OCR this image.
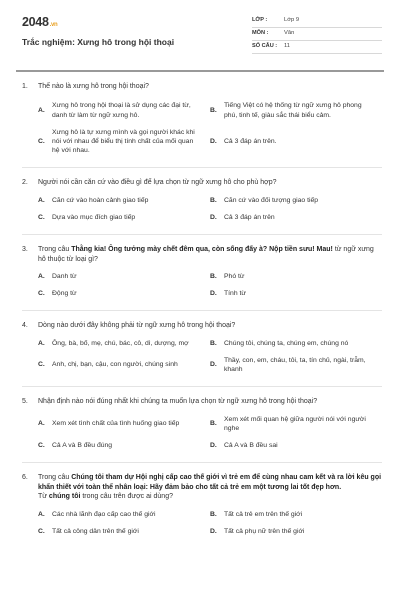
2048.vn
Trắc nghiệm: Xưng hô trong hội thoại
LỚP :	Lớp 9
MÔN :	Văn
SỐ CÂU :	11
1.	Thế nào là xưng hô trong hội thoại?
A.
Xưng hô trong hội thoại là sử dụng các đại từ, danh từ làm từ ngữ xưng hô.
B.
Tiếng Việt có hệ thống từ ngữ xưng hô phong phú, tinh tế, giàu sắc thái biểu cảm.
C.
Xưng hô là tự xưng mình và gọi người khác khi nói với nhau để biểu thị tính chất của mối quan hệ với nhau.
D.	Cả 3 đáp án trên.
2.	Người nói cần căn cứ vào điều gì để lựa chọn từ ngữ xưng hô cho phù hợp?
A.	Căn cứ vào hoàn cảnh giao tiếp	B.	Căn cứ vào đối tượng giao tiếp
C.	Dựa vào mục đích giao tiếp	D.	Cả 3 đáp án trên
3.	Trong câu Thằng kia! Ông tưởng mày chết đêm qua, còn sống đấy à? Nộp tiền sưu! Mau! từ ngữ xưng hô thuộc từ loại gì?
A.	Danh từ	B.	Phó từ
C.	Động từ	D.	Tính từ
4.	Dòng nào dưới đây không phải từ ngữ xưng hô trong hội thoại?
A.	Ông, bà, bố, mẹ, chú, bác, cô, dì, dượng, mợ	B.	Chúng tôi, chúng ta, chúng em, chúng nó
C.	Anh, chị, bạn, cậu, con người, chúng sinh	D.
Thầy, con, em, cháu, tôi, ta, tín chủ, ngài, trẫm, khanh
5.	Nhận định nào nói đúng nhất khi chúng ta muốn lựa chọn từ ngữ xưng hô trong hội thoại?
A.	Xem xét tình chất của tình huống giao tiếp	B.
Xem xét mối quan hệ giữa người nói với người nghe
C.	Cả A và B đều đúng	D.	Cả A và B đều sai
6.	Trong câu Chúng tôi tham dự Hội nghị cấp cao thế giới vì trẻ em để cùng nhau cam kết và ra lời kêu gọi khẩn thiết với toàn thể nhân loại: Hãy đảm bảo cho tất cả trẻ em một tương lai tốt đẹp hơn.
Từ chúng tôi trong câu trên được ai dùng?
A.	Các nhà lãnh đạo cấp cao thế giới	B.	Tất cả trẻ em trên thế giới
C.	Tất cả công dân trên thế giới	D.	Tất cả phụ nữ trên thế giới
